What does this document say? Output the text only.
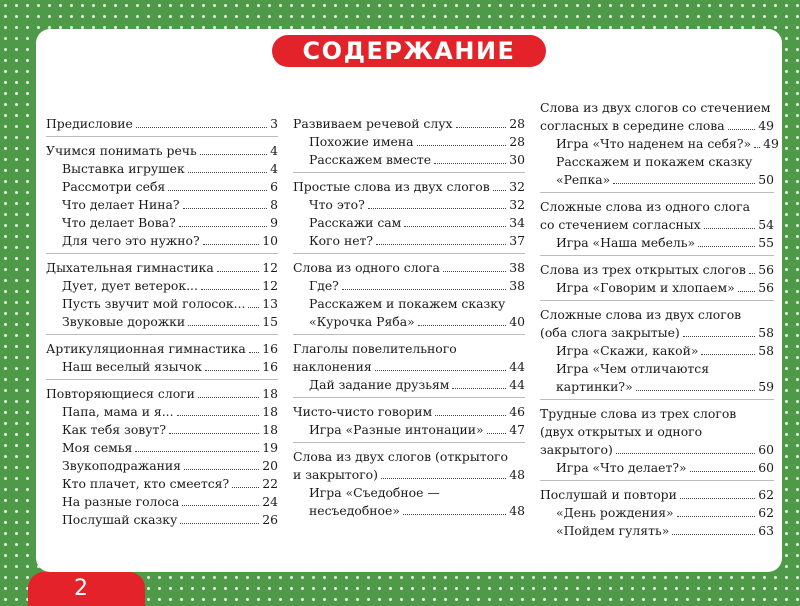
СОДЕРЖАНИЕ
Предисловие	3
Учимся понимать речь	4
Выставка игрушек	4
Рассмотри себя	6
Что делает Нина?	8
Что делает Вова?	9
Для чего это нужно?	10
Дыхательная гимнастика	12
Дует, дует ветерок...	12
Пусть звучит мой голосок... 13
Звуковые дорожки	15
Артикуляционная гимнастика 16
Наш веселый язычок	16
Повторяющиеся слоги	18
Папа, мама и я...	18
Как тебя зовут?	18
Моя семья	19
Звукоподражания	20
Кто плачет, кто смеется?	22
На разные голоса	24
Послушай сказку	26
Развиваем речевой слух	28
Похожие имена	28
Расскажем вместе	30
Простые слова из двух слогов 32
Что это?	32
Расскажи сам	34
Кого нет?	37
Слова из одного слога	38
Где?	38
Расскажем и покажем сказку
«Курочка Ряба»	40
Глаголы повелительного
наклонения	44
Дай задание друзьям	44
Чисто-чисто говорим	46
Игра «Разные интонации» 47
Слова из двух слогов (открытого
и закрытого)	48
Игра «Съедобное —
несъедобное»	48
Слова из двух слогов со стечением
согласных в середине слова	49
Игра «Что наденем на себя?» 49
Расскажем и покажем сказку
«Репка»	50
Сложные слова из одного слога
со стечением согласных	54
Игра «Наша мебель»	55
Слова из трех открытых слогов 56
Игра «Говорим и хлопаем» 56
Сложные слова из двух слогов
(оба слога закрытые)	58
Игра «Скажи, какой»	58
Игра «Чем отличаются
картинки?»	59
Трудные слова из трех слогов
(двух открытых и одного
закрытого)	60
Игра «Что делает?»	60
Послушай и повтори	62
«День рождения»	62
«Пойдем гулять»	63
2
